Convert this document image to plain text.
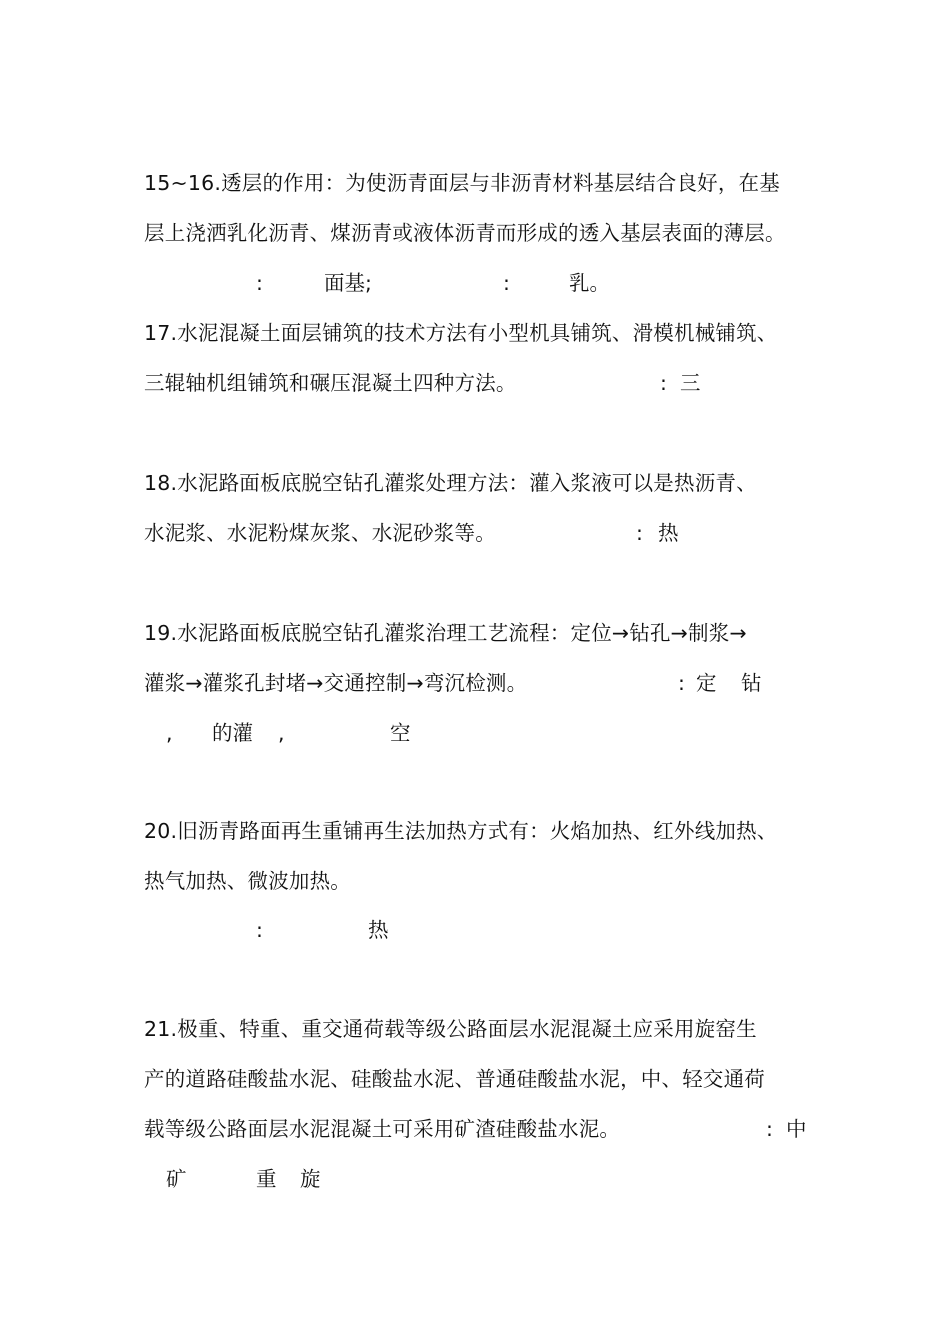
15~16.透层的作用：为使沥青面层与非沥青材料基层结合良好，在基
层上浇洒乳化沥青、煤沥青或液体沥青而形成的透入基层表面的薄层。
:	面基;	:	乳。
17.水泥混凝土面层铺筑的技术方法有小型机具铺筑、滑模机械铺筑、
三辊轴机组铺筑和碾压混凝土四种方法。	: 三
18.水泥路面板底脱空钻孔灌浆处理方法：灌入浆液可以是热沥青、
水泥浆、水泥粉煤灰浆、水泥砂浆等。	: 热
19.水泥路面板底脱空钻孔灌浆治理工艺流程：定位→钻孔→制浆→
灌浆→灌浆孔封堵→交通控制→弯沉检测。	: 定 钻
, 的灌 ,	空
20.旧沥青路面再生重铺再生法加热方式有：火焰加热、红外线加热、
热气加热、微波加热。
:	热
21.极重、特重、重交通荷载等级公路面层水泥混凝土应采用旋窑生
产的道路硅酸盐水泥、硅酸盐水泥、普通硅酸盐水泥，中、轻交通荷
载等级公路面层水泥混凝土可采用矿渣硅酸盐水泥。	: 中
矿	重 旋
